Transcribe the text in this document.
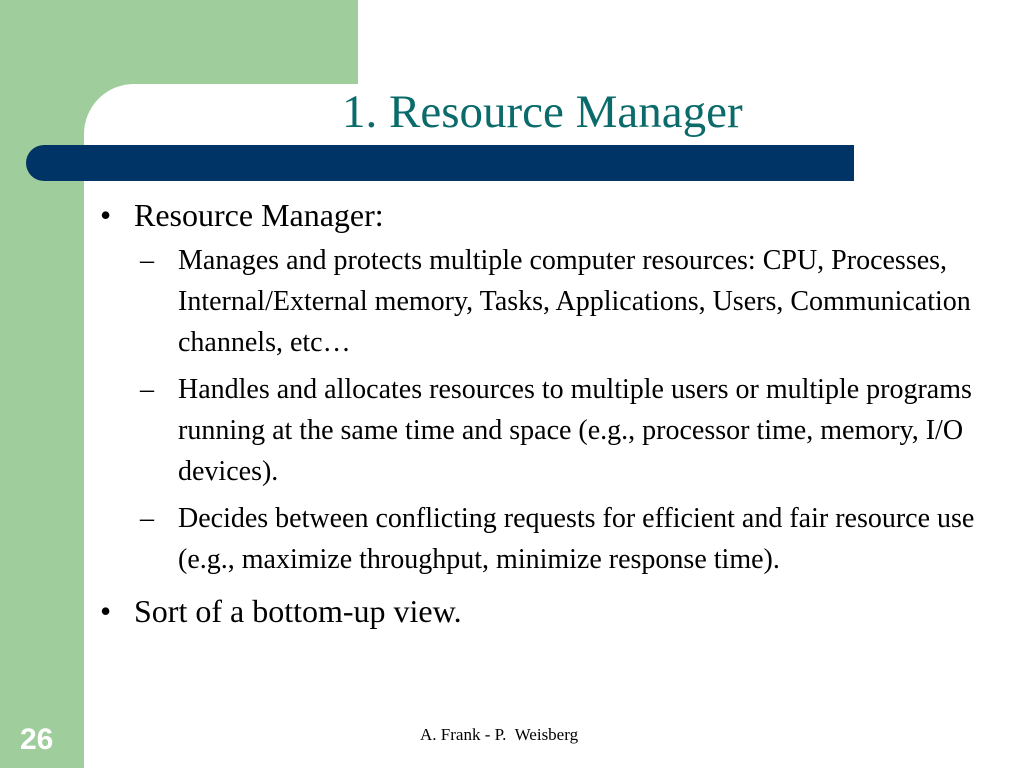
1. Resource Manager
• Resource Manager:
– Manages and protects multiple computer resources: CPU, Processes, Internal/External memory, Tasks, Applications, Users, Communication channels, etc…
– Handles and allocates resources to multiple users or multiple programs running at the same time and space (e.g., processor time, memory, I/O devices).
– Decides between conflicting requests for efficient and fair resource use (e.g., maximize throughput, minimize response time).
• Sort of a bottom-up view.
26	A. Frank - P.  Weisberg
